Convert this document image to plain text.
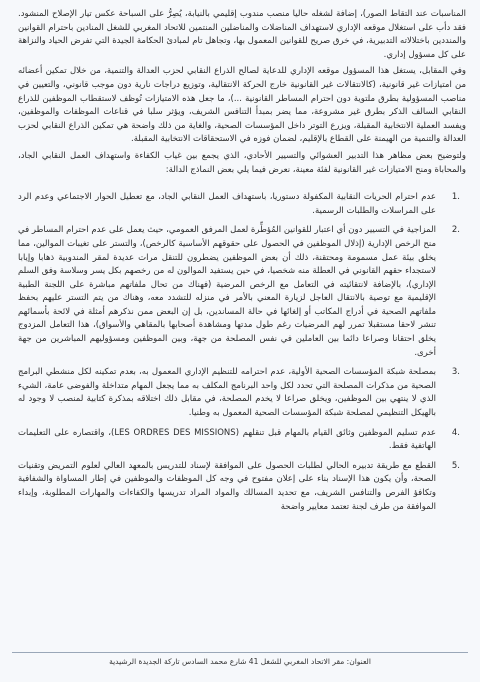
المناسبات عند التقاط الصور)، إضافة لشغله حاليا منصب مندوب إقليمي بالنيابة، يُصِرُّ على السباحة عكس تيار الإصلاح المنشود. فقد دأب على استغلال موقعه الإداري لاستهداف المناضلات والمناضلين المنتمين للاتحاد المغربي للشغل المنادين باحترام القوانين والمنددين باختلالاته التدبيرية، في خرق صريح للقوانين المعمول بها، وتجاهل تام لمبادئ الحكامة الجيدة التي تفرض الحياد والنزاهة على كل مسؤول إداري.

وفي المقابل، يستغل هذا المسؤول موقعه الإداري للدعاية لصالح الذراع النقابي لحزب العدالة والتنمية، من خلال تمكين أعضائه من امتيازات غير قانونية، (كالانتقالات غير القانونية خارج الحركة الانتقالية، وتوزيع دراجات نارية دون موجب قانوني، والتعيين في مناصب المسؤولية بطرق ملتوية دون احترام المساطر القانونية ...)، ما جعل هذه الامتيازات تُوظف لاستقطاب الموظفين للذراع النقابي السالف الذكر بطرق غير مشروعة، مما يضر بمبدأ التنافس الشريف، ويؤثر سلبا في قناعات الموظفات والموظفين، ويفسد العملية الانتخابية المقبلة، ويزرع التوتر داخل المؤسسات الصحية، والغاية من ذلك واضحة هي تمكين الذراع النقابي لحزب العدالة والتنمية من الهيمنة على القطاع بالإقليم، لضمان فوزه في الاستحقاقات الانتخابية المقبلة.

ولتوضيح بعض مظاهر هذا التدبير العشوائي والتسيير الأحادي، الذي يجمع بين غياب الكفاءة واستهداف العمل النقابي الجاد، والمحاباة ومنح الامتيازات غير القانونية لفئة معينة، نعرض فيما يلي بعض النماذج الدالة:

.1
عدم احترام الحريات النقابية المكفولة دستوريا، باستهداف العمل النقابي الجاد، مع تعطيل الحوار الاجتماعي وعدم الرد على المراسلات والطلبات الرسمية.
.2
المزاجية في التسيير دون أي اعتبار للقوانين المُؤطِّرة لعمل المرفق العمومي، حيث يعمل على عدم احترام المساطر في منح الرخص الإدارية (إذلال الموظفين في الحصول على حقوقهم الأساسية كالرخص)، والتستر على تغيبات الموالين، مما يخلق بيئة عمل مسمومة ومحتقنة، ذلك أن بعض الموظفين يضطرون للتنقل مرات عديدة لمقر المندوبية ذهابا وإيابا لاستجداء حقهم القانوني في العطلة منه شخصيا، في حين يستفيد الموالون له من رخصهم بكل يسر وسلاسة وفق السلم الإداري)، بالإضافة لانتقائيته في التعامل مع الرخص المرضية (فهناك من تحال ملفاتهم مباشرة على اللجنة الطبية الإقليمية مع توصية بالانتقال العاجل لزيارة المعني بالأمر في منزله للتشدد معه، وهناك من يتم التستر عليهم بحفظ ملفاتهم الصحية في أدراج المكاتب أو إلغائها في حالة المساندين، بل إن البعض ممن نذكرهم أمثلة في لائحة بأسمائهم تنشر لاحقا مستقبلا تمرر لهم المرضيات رغم طول مدتها ومشاهدة أصحابها بالمقاهي والأسواق)، هذا التعامل المزدوج يخلق احتقانا وصراعا دائما بين العاملين في نفس المصلحة من جهة، وبين الموظفين ومسؤوليهم المباشرين من جهة أخرى.
.3
بمصلحة شبكة المؤسسات الصحية الأولية، عدم احترامه للتنظيم الإداري المعمول به، بعدم تمكينه لكل منشطي البرامج الصحية من مذكرات المصلحة التي تحدد لكل واحد البرنامج المكلف به مما يجعل المهام متداخلة والفوضى عامة، الشيء الذي لا ينتهي بين الموظفين، ويخلق صراعا لا يخدم المصلحة، في مقابل ذلك اختلاقه بمذكرة كتابية لمنصب لا وجود له بالهيكل التنظيمي لمصلحة شبكة المؤسسات الصحية المعمول به وطنيا.
.4
عدم تسليم الموظفين وثائق القيام بالمهام قبل تنقلهم (LES ORDRES DES MISSIONS)، واقتصاره على التعليمات الهاتفية فقط.
.5
القطع مع طريقة تدبيره الحالي لطلبات الحصول على الموافقة لإسناد للتدريس بالمعهد العالي لعلوم التمريض وتقنيات الصحة، وأن يكون هذا الإسناد بناء على إعلان مفتوح في وجه كل الموظفات والموظفين في إطار المساواة والشفافية وتكافؤ الفرص والتنافس الشريف، مع تحديد المسالك والمواد المراد تدريسها والكفاءات والمهارات المطلوبة، وإبداء الموافقة من طرف لجنة تعتمد معايير واضحة
العنوان: مقر الاتحاد المغربي للشغل 41 شارع محمد السادس تاركة الجديدة الرشيدية
